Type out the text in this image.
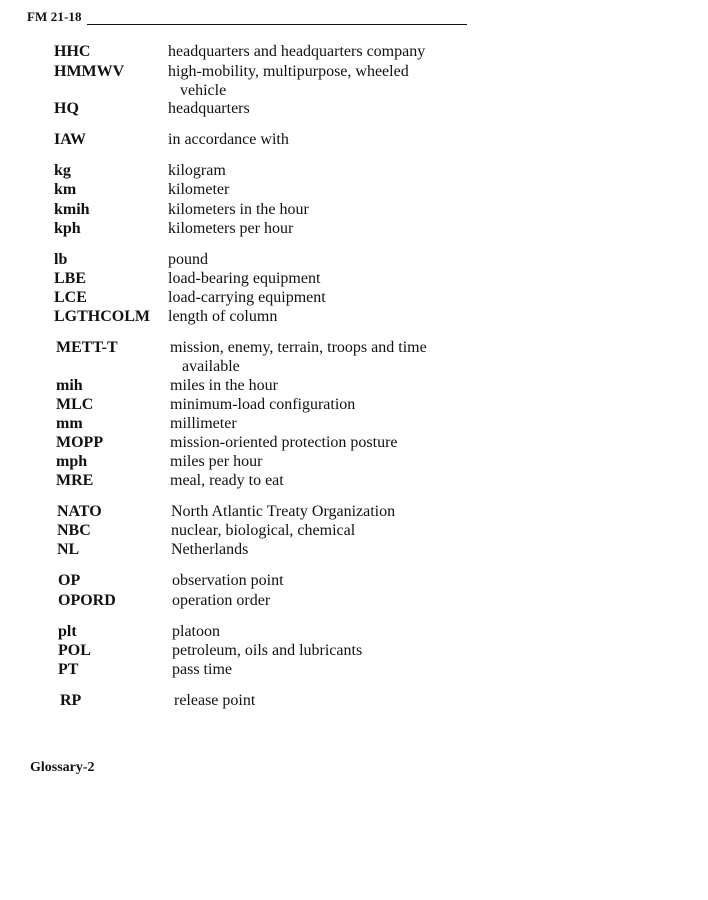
FM 21-18
HHC	headquarters and headquarters company
HMMWV	high-mobility, multipurpose, wheeled
vehicle
HQ	headquarters
IAW	in accordance with
kg	kilogram
km	kilometer
kmih	kilometers in the hour
kph	kilometers per hour
lb	pound
LBE	load-bearing equipment
LCE	load-carrying equipment
LGTHCOLM length of column
METT-T	mission, enemy, terrain, troops and time
available
mih	miles in the hour
MLC	minimum-load configuration
mm	millimeter
MOPP	mission-oriented protection posture
mph	miles per hour
MRE	meal, ready to eat
NATO	North Atlantic Treaty Organization
NBC	nuclear, biological, chemical
NL	Netherlands
OP	observation point
OPORD	operation order
plt	platoon
POL	petroleum, oils and lubricants
PT	pass time
RP	release point
Glossary-2
